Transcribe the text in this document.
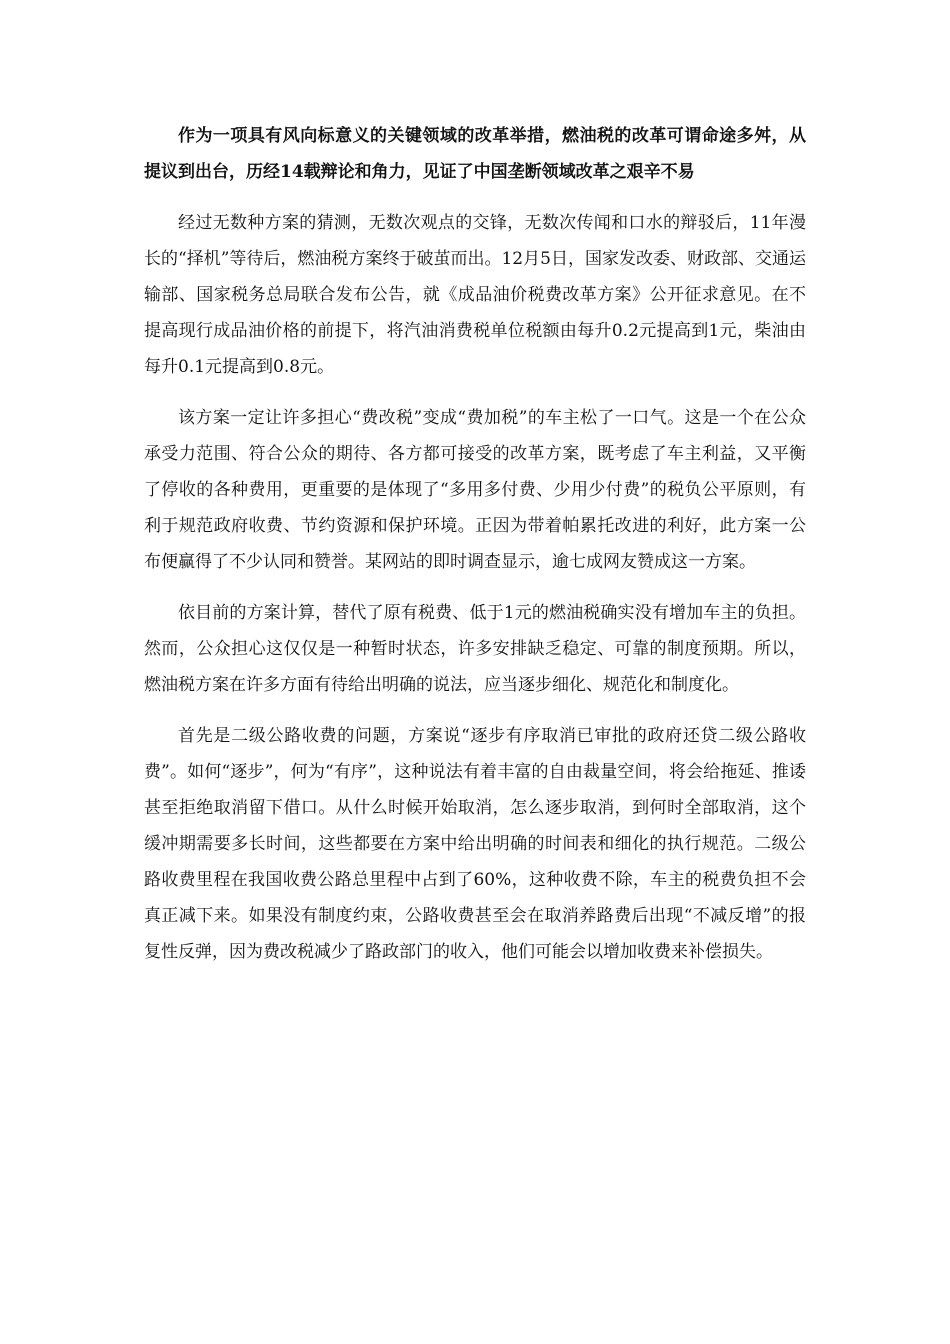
作为一项具有风向标意义的关键领域的改革举措，燃油税的改革可谓命途多舛，从提议到出台，历经14载辩论和角力，见证了中国垄断领域改革之艰辛不易

经过无数种方案的猜测，无数次观点的交锋，无数次传闻和口水的辩驳后，11年漫长的“择机”等待后，燃油税方案终于破茧而出。12月5日，国家发改委、财政部、交通运输部、国家税务总局联合发布公告，就《成品油价税费改革方案》公开征求意见。在不提高现行成品油价格的前提下，将汽油消费税单位税额由每升0.2元提高到1元，柴油由每升0.1元提高到0.8元。

该方案一定让许多担心“费改税”变成“费加税”的车主松了一口气。这是一个在公众承受力范围、符合公众的期待、各方都可接受的改革方案，既考虑了车主利益，又平衡了停收的各种费用，更重要的是体现了“多用多付费、少用少付费”的税负公平原则，有利于规范政府收费、节约资源和保护环境。正因为带着帕累托改进的利好，此方案一公布便赢得了不少认同和赞誉。某网站的即时调查显示，逾七成网友赞成这一方案。

依目前的方案计算，替代了原有税费、低于1元的燃油税确实没有增加车主的负担。然而，公众担心这仅仅是一种暂时状态，许多安排缺乏稳定、可靠的制度预期。所以，燃油税方案在许多方面有待给出明确的说法，应当逐步细化、规范化和制度化。

首先是二级公路收费的问题，方案说“逐步有序取消已审批的政府还贷二级公路收费”。如何“逐步”，何为“有序”，这种说法有着丰富的自由裁量空间，将会给拖延、推诿甚至拒绝取消留下借口。从什么时候开始取消，怎么逐步取消，到何时全部取消，这个缓冲期需要多长时间，这些都要在方案中给出明确的时间表和细化的执行规范。二级公路收费里程在我国收费公路总里程中占到了60%，这种收费不除，车主的税费负担不会真正减下来。如果没有制度约束，公路收费甚至会在取消养路费后出现“不减反增”的报复性反弹，因为费改税减少了路政部门的收入，他们可能会以增加收费来补偿损失。
